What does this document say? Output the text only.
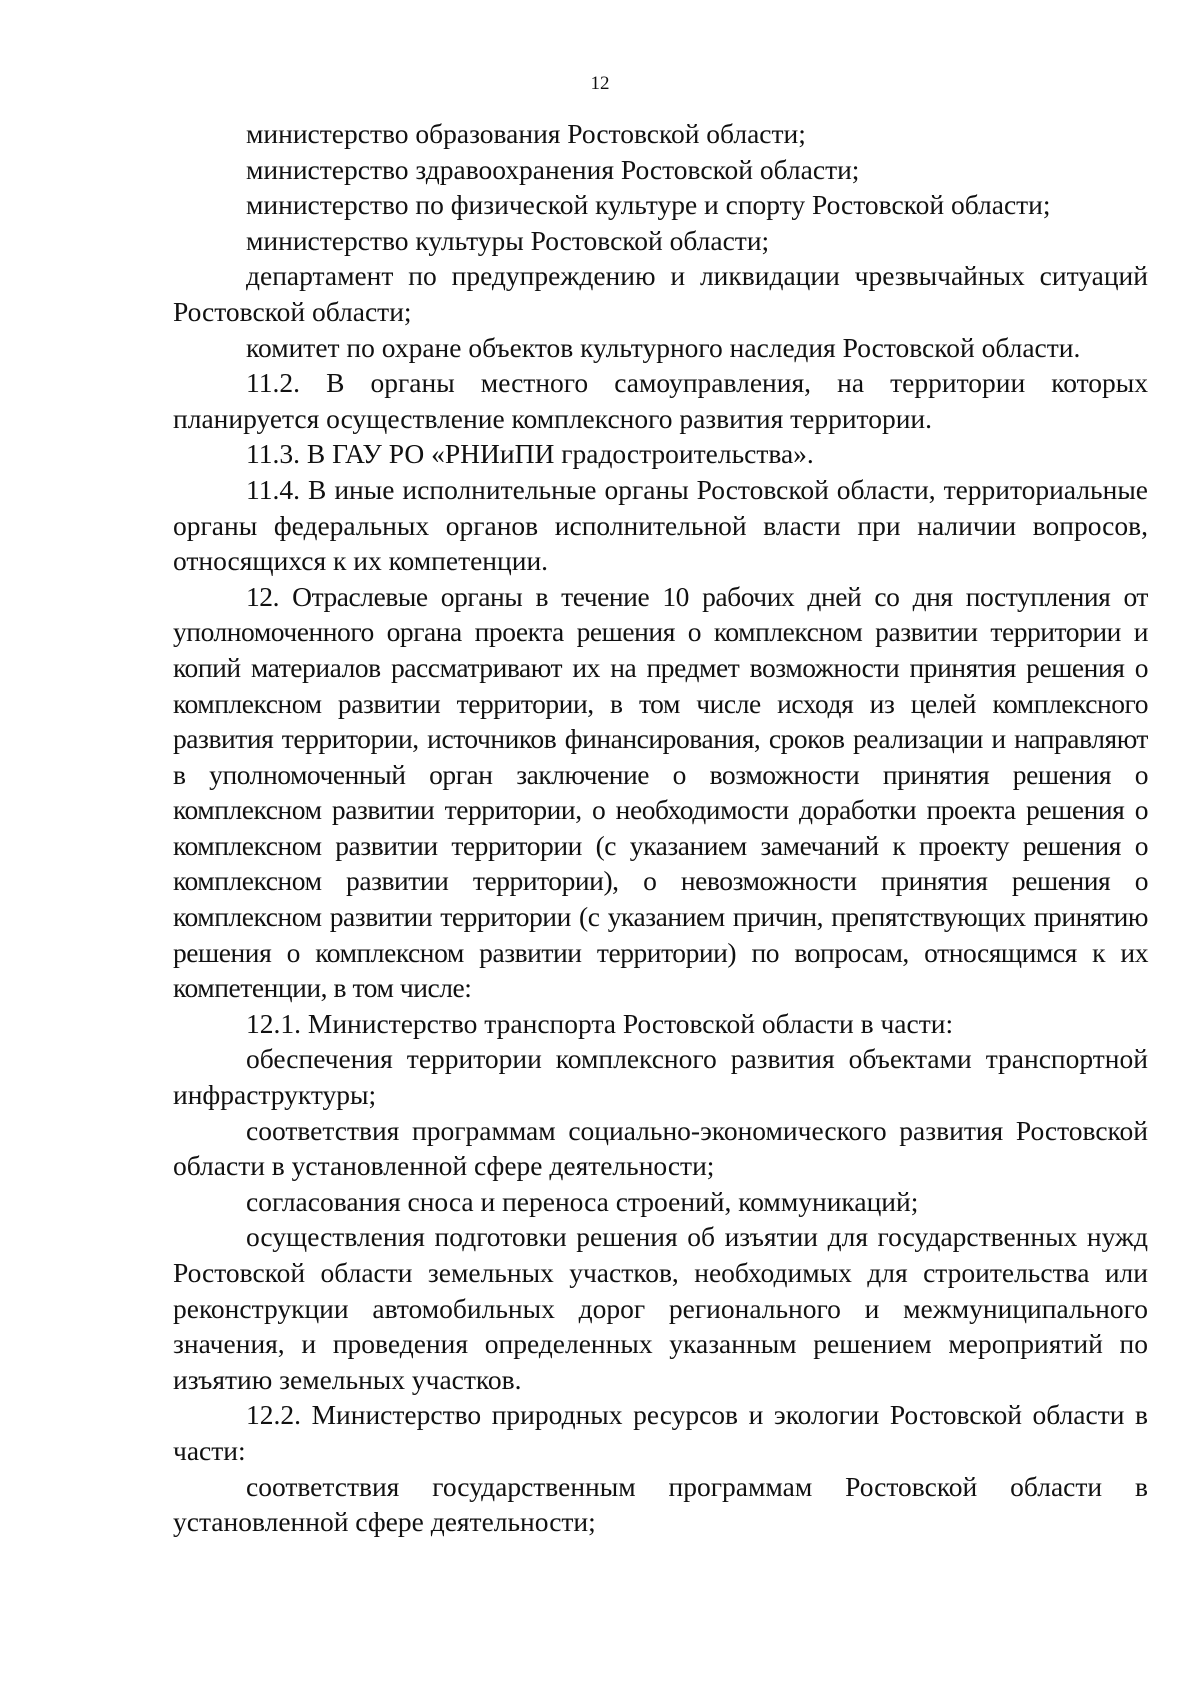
12

министерство образования Ростовской области;

министерство здравоохранения Ростовской области;

министерство по физической культуре и спорту Ростовской области;

министерство культуры Ростовской области;

департамент по предупреждению и ликвидации чрезвычайных ситуаций Ростовской области;

комитет по охране объектов культурного наследия Ростовской области.

11.2. В органы местного самоуправления, на территории которых планируется осуществление комплексного развития территории.

11.3. В ГАУ РО «РНИиПИ градостроительства».

11.4. В иные исполнительные органы Ростовской области, территориальные органы федеральных органов исполнительной власти при наличии вопросов, относящихся к их компетенции.

12. Отраслевые органы в течение 10 рабочих дней со дня поступления от уполномоченного органа проекта решения о комплексном развитии территории и копий материалов рассматривают их на предмет возможности принятия решения о комплексном развитии территории, в том числе исходя из целей комплексного развития территории, источников финансирования, сроков реализации и направляют в уполномоченный орган заключение о возможности принятия решения о комплексном развитии территории, о необходимости доработки проекта решения о комплексном развитии территории (с указанием замечаний к проекту решения о комплексном развитии территории), о невозможности принятия решения о комплексном развитии территории (с указанием причин, препятствующих принятию решения о комплексном развитии территории) по вопросам, относящимся к их компетенции, в том числе:

12.1. Министерство транспорта Ростовской области в части:

обеспечения территории комплексного развития объектами транспортной инфраструктуры;

соответствия программам социально-экономического развития Ростовской области в установленной сфере деятельности;

согласования сноса и переноса строений, коммуникаций;

осуществления подготовки решения об изъятии для государственных нужд Ростовской области земельных участков, необходимых для строительства или реконструкции автомобильных дорог регионального и межмуниципального значения, и проведения определенных указанным решением мероприятий по изъятию земельных участков.

12.2. Министерство природных ресурсов и экологии Ростовской области в части:

соответствия государственным программам Ростовской области в установленной сфере деятельности;
